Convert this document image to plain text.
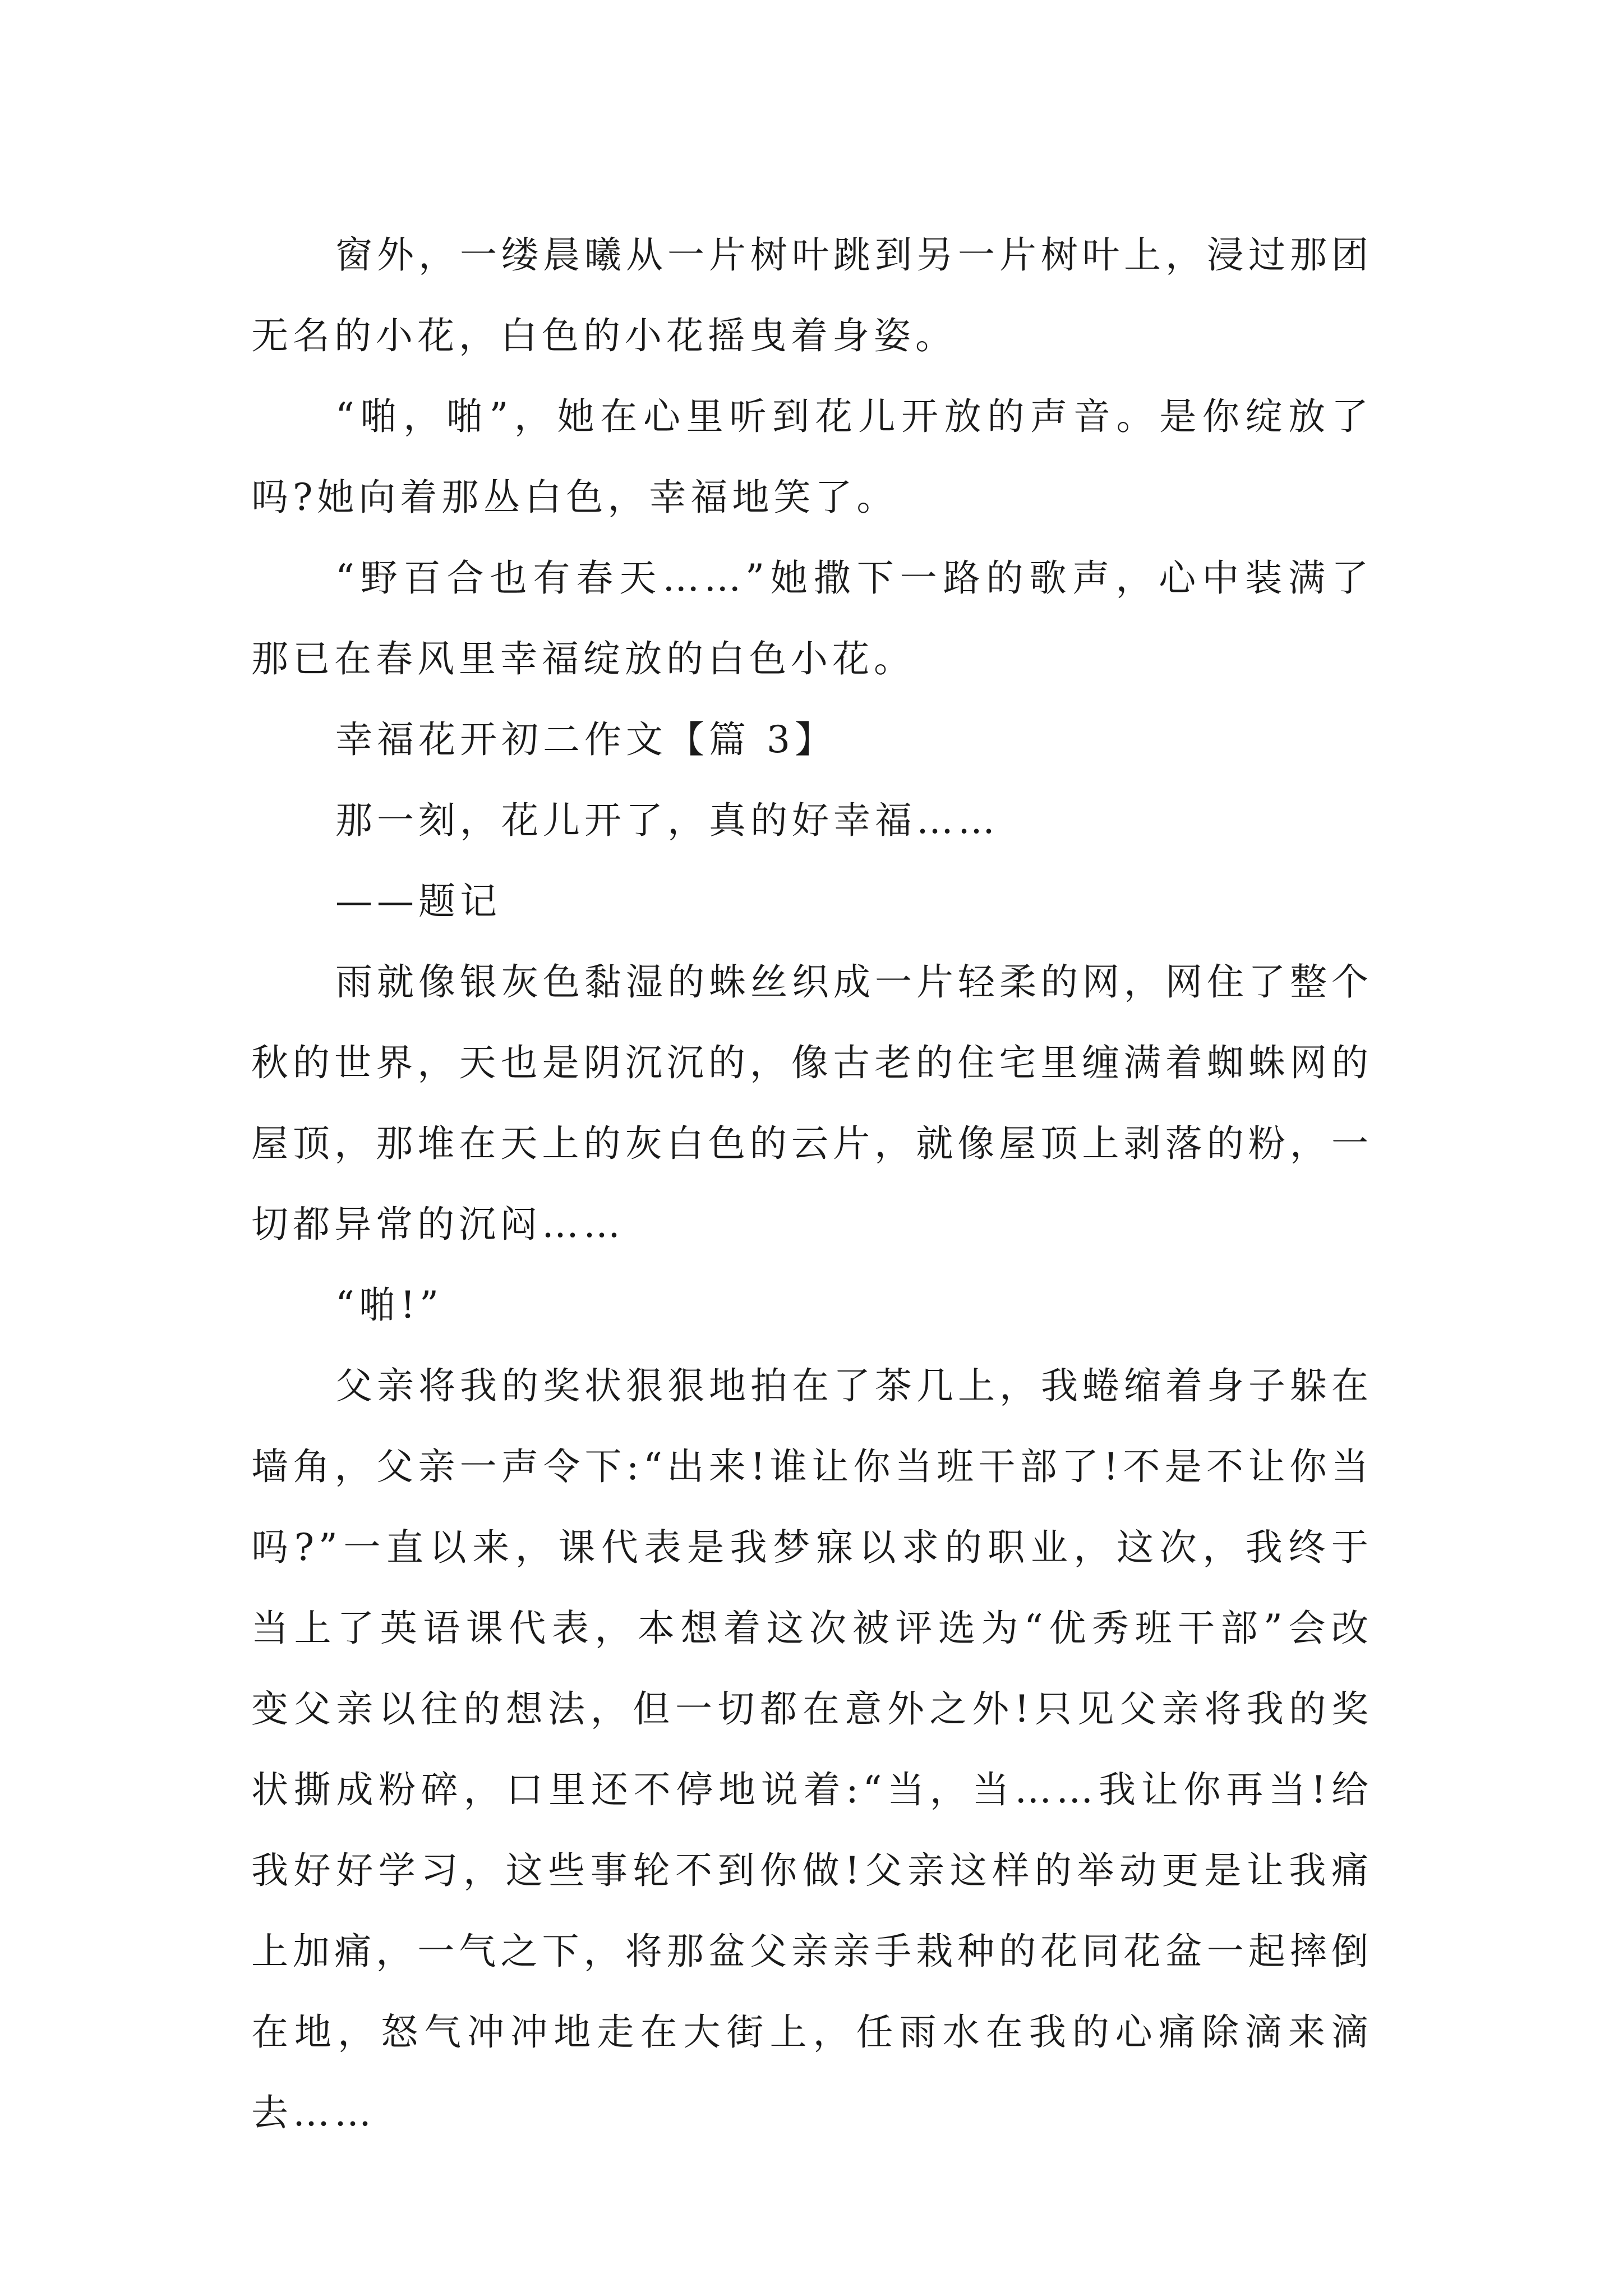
窗外，一缕晨曦从一片树叶跳到另一片树叶上，浸过那团无名的小花，白色的小花摇曳着身姿。

“啪，啪”，她在心里听到花儿开放的声音。是你绽放了吗?她向着那丛白色，幸福地笑了。

“野百合也有春天……”她撒下一路的歌声，心中装满了那已在春风里幸福绽放的白色小花。

幸福花开初二作文【篇 3】

那一刻，花儿开了，真的好幸福……

——题记

雨就像银灰色黏湿的蛛丝织成一片轻柔的网，网住了整个秋的世界，天也是阴沉沉的，像古老的住宅里缠满着蜘蛛网的屋顶，那堆在天上的灰白色的云片，就像屋顶上剥落的粉，一切都异常的沉闷……

“啪!”

父亲将我的奖状狠狠地拍在了茶几上，我蜷缩着身子躲在墙角，父亲一声令下:“出来!谁让你当班干部了!不是不让你当吗?”一直以来，课代表是我梦寐以求的职业，这次，我终于当上了英语课代表，本想着这次被评选为“优秀班干部”会改变父亲以往的想法，但一切都在意外之外!只见父亲将我的奖状撕成粉碎，口里还不停地说着:“当，当……我让你再当!给我好好学习，这些事轮不到你做!父亲这样的举动更是让我痛上加痛，一气之下，将那盆父亲亲手栽种的花同花盆一起摔倒在地，怒气冲冲地走在大街上，任雨水在我的心痛除滴来滴去……
